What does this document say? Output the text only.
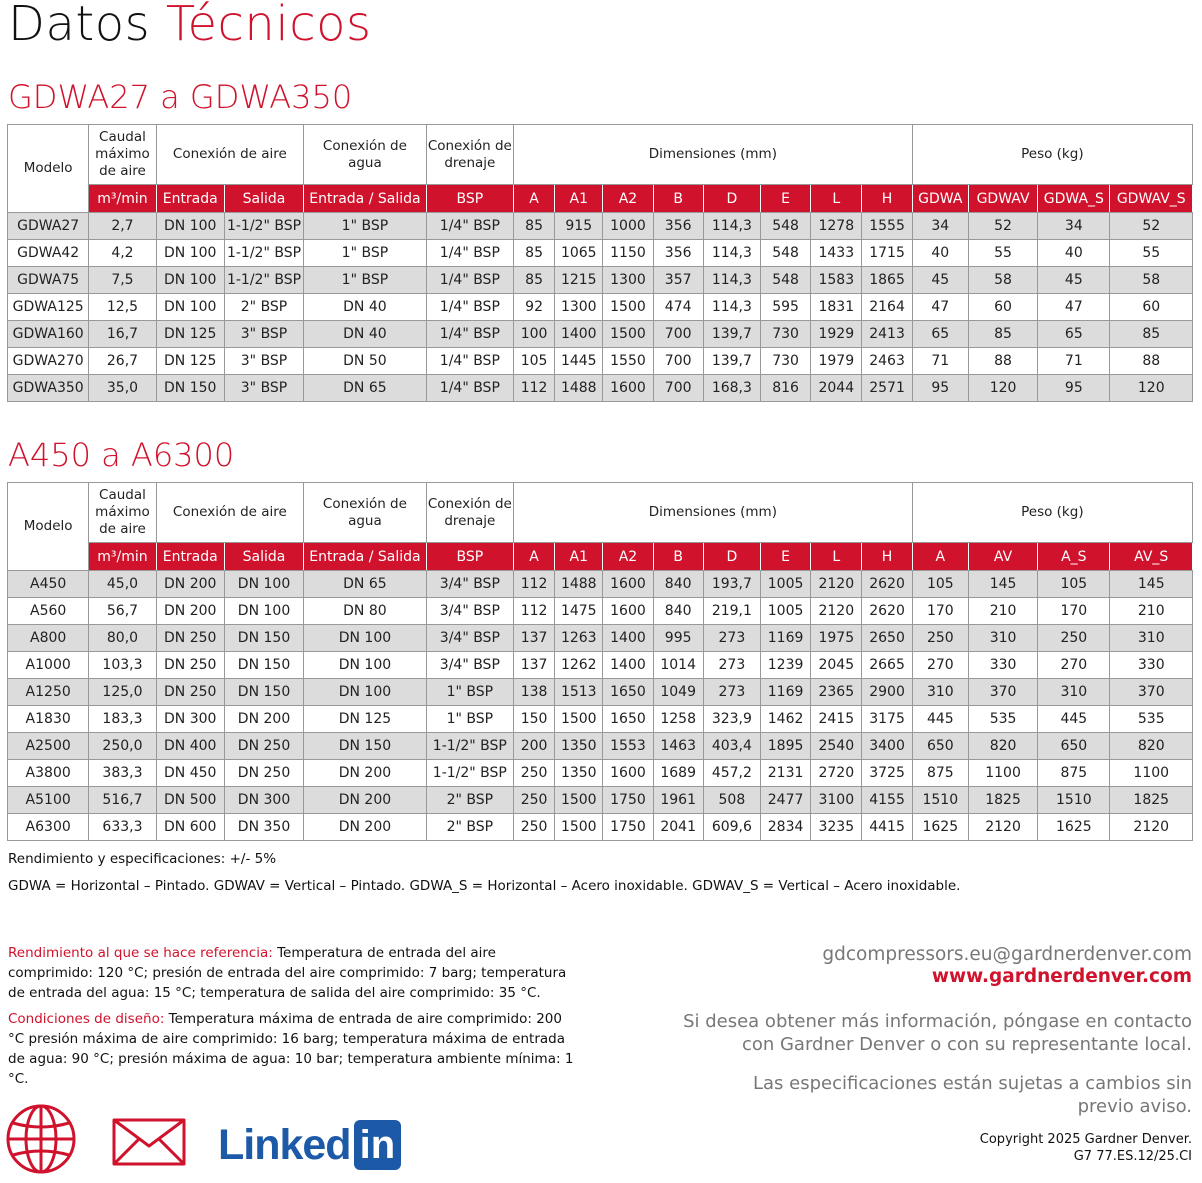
Datos Técnicos
GDWA27 a GDWA350
Modelo	Caudal máximo de aire	Conexión de aire		Conexión de agua	Conexión de drenaje	Dimensiones (mm)								Peso (kg)			
	m³/min	Entrada	Salida	Entrada / Salida	BSP	A	A1	A2	B	D	E	L	H	GDWA	GDWAV	GDWA_S	GDWAV_S
GDWA27	2,7	DN 100	1-1/2" BSP	1" BSP	1/4" BSP	85	915	1000	356	114,3	548	1278	1555	34	52	34	52
GDWA42	4,2	DN 100	1-1/2" BSP	1" BSP	1/4" BSP	85	1065	1150	356	114,3	548	1433	1715	40	55	40	55
GDWA75	7,5	DN 100	1-1/2" BSP	1" BSP	1/4" BSP	85	1215	1300	357	114,3	548	1583	1865	45	58	45	58
GDWA125	12,5	DN 100	2" BSP	DN 40	1/4" BSP	92	1300	1500	474	114,3	595	1831	2164	47	60	47	60
GDWA160	16,7	DN 125	3" BSP	DN 40	1/4" BSP	100	1400	1500	700	139,7	730	1929	2413	65	85	65	85
GDWA270	26,7	DN 125	3" BSP	DN 50	1/4" BSP	105	1445	1550	700	139,7	730	1979	2463	71	88	71	88
GDWA350	35,0	DN 150	3" BSP	DN 65	1/4" BSP	112	1488	1600	700	168,3	816	2044	2571	95	120	95	120
A450 a A6300
Modelo	Caudal máximo de aire	Conexión de aire		Conexión de agua	Conexión de drenaje	Dimensiones (mm)								Peso (kg)			
	m³/min	Entrada	Salida	Entrada / Salida	BSP	A	A1	A2	B	D	E	L	H	A	AV	A_S	AV_S
A450	45,0	DN 200	DN 100	DN 65	3/4" BSP	112	1488	1600	840	193,7	1005	2120	2620	105	145	105	145
A560	56,7	DN 200	DN 100	DN 80	3/4" BSP	112	1475	1600	840	219,1	1005	2120	2620	170	210	170	210
A800	80,0	DN 250	DN 150	DN 100	3/4" BSP	137	1263	1400	995	273	1169	1975	2650	250	310	250	310
A1000	103,3	DN 250	DN 150	DN 100	3/4" BSP	137	1262	1400	1014	273	1239	2045	2665	270	330	270	330
A1250	125,0	DN 250	DN 150	DN 100	1" BSP	138	1513	1650	1049	273	1169	2365	2900	310	370	310	370
A1830	183,3	DN 300	DN 200	DN 125	1" BSP	150	1500	1650	1258	323,9	1462	2415	3175	445	535	445	535
A2500	250,0	DN 400	DN 250	DN 150	1-1/2" BSP	200	1350	1553	1463	403,4	1895	2540	3400	650	820	650	820
A3800	383,3	DN 450	DN 250	DN 200	1-1/2" BSP	250	1350	1600	1689	457,2	2131	2720	3725	875	1100	875	1100
A5100	516,7	DN 500	DN 300	DN 200	2" BSP	250	1500	1750	1961	508	2477	3100	4155	1510	1825	1510	1825
A6300	633,3	DN 600	DN 350	DN 200	2" BSP	250	1500	1750	2041	609,6	2834	3235	4415	1625	2120	1625	2120
Rendimiento y especificaciones: +/- 5%
GDWA = Horizontal – Pintado. GDWAV = Vertical – Pintado. GDWA_S = Horizontal – Acero inoxidable. GDWAV_S = Vertical – Acero inoxidable.
Rendimiento al que se hace referencia: Temperatura de entrada del aire comprimido: 120 °C; presión de entrada del aire comprimido: 7 barg; temperatura de entrada del agua: 15 °C; temperatura de salida del aire comprimido: 35 °C.
Condiciones de diseño: Temperatura máxima de entrada de aire comprimido: 200 °C presión máxima de aire comprimido: 16 barg; temperatura máxima de entrada de agua: 90 °C; presión máxima de agua: 10 bar; temperatura ambiente mínima: 1 °C.
gdcompressors.eu@gardnerdenver.com
www.gardnerdenver.com
Si desea obtener más información, póngase en contacto
con Gardner Denver o con su representante local.
Las especificaciones están sujetas a cambios sin
previo aviso.
Copyright 2025 Gardner Denver.
G7 77.ES.12/25.CI
Linked in
